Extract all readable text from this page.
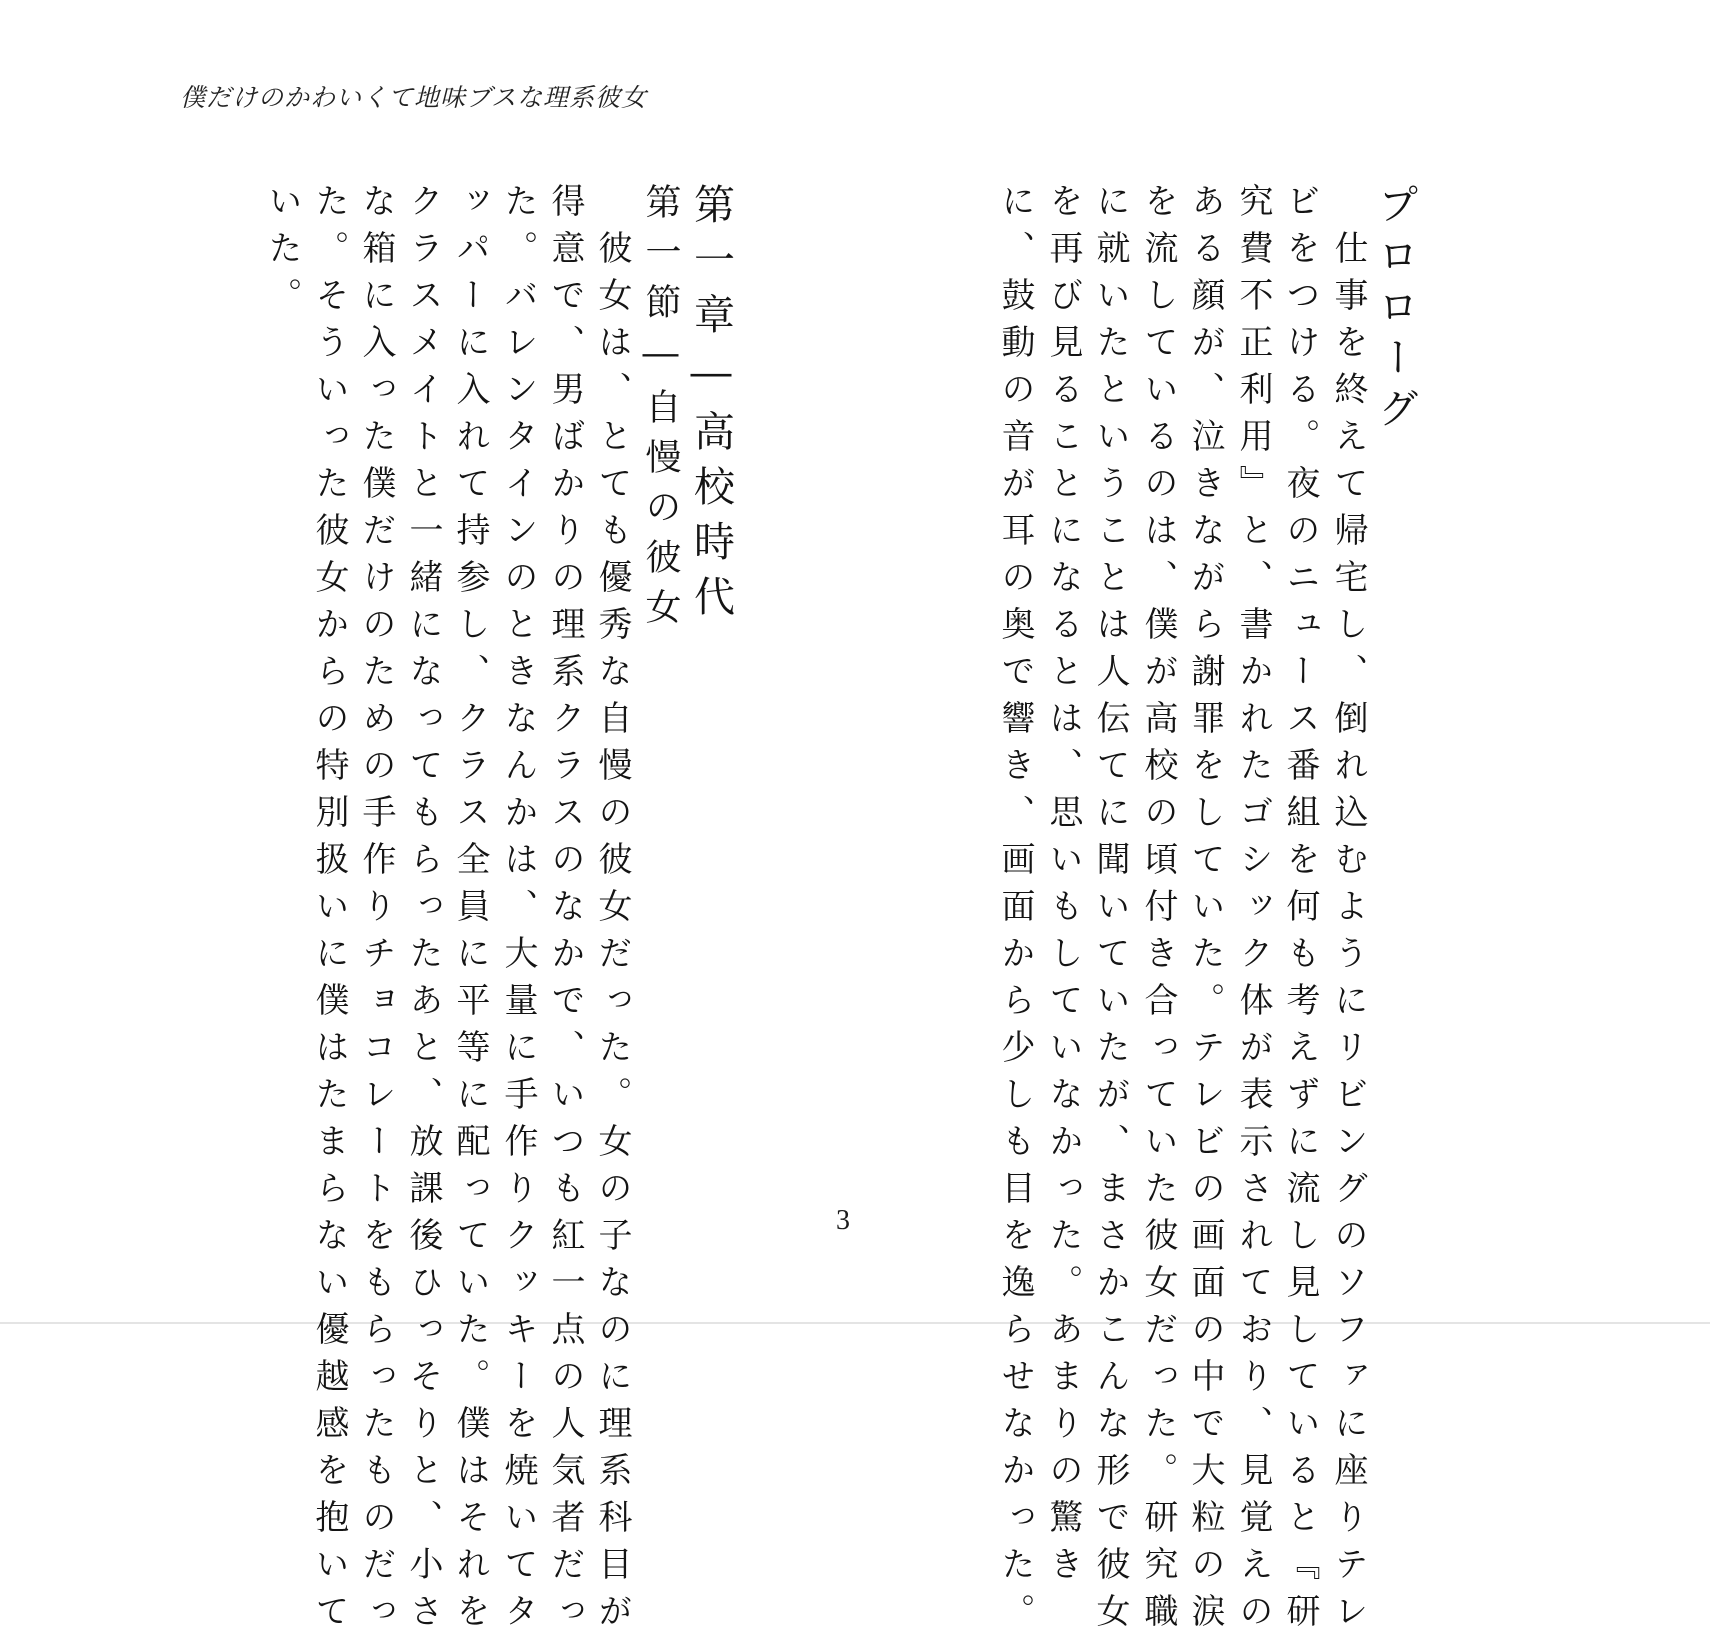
僕だけのかわいくて地味ブスな理系彼女
プロローグ
　仕事を終えて帰宅し、倒れ込むようにリビングのソファに座りテレ
ビをつける。夜のニュース番組を何も考えずに流し見していると『研
究費不正利用』と、書かれたゴシック体が表示されており、見覚えの
ある顔が、泣きながら謝罪をしていた。テレビの画面の中で大粒の涙
を流しているのは、僕が高校の頃付き合っていた彼女だった。研究職
に就いたということは人伝てに聞いていたが、まさかこんな形で彼女
を再び見ることになるとは、思いもしていなかった。あまりの驚き
に、鼓動の音が耳の奥で響き、画面から少しも目を逸らせなかった。
第一章―高校時代
第一節―自慢の彼女
　彼女は、とても優秀な自慢の彼女だった。女の子なのに理系科目が
得意で、男ばかりの理系クラスのなかで、いつも紅一点の人気者だっ
た。バレンタインのときなんかは、大量に手作りクッキーを焼いてタ
ッパーに入れて持参し、クラス全員に平等に配っていた。僕はそれを
クラスメイトと一緒になってもらったあと、放課後ひっそりと、小さ
な箱に入った僕だけのための手作りチョコレートをもらったものだっ
た。そういった彼女からの特別扱いに僕はたまらない優越感を抱いて
いた。
3
